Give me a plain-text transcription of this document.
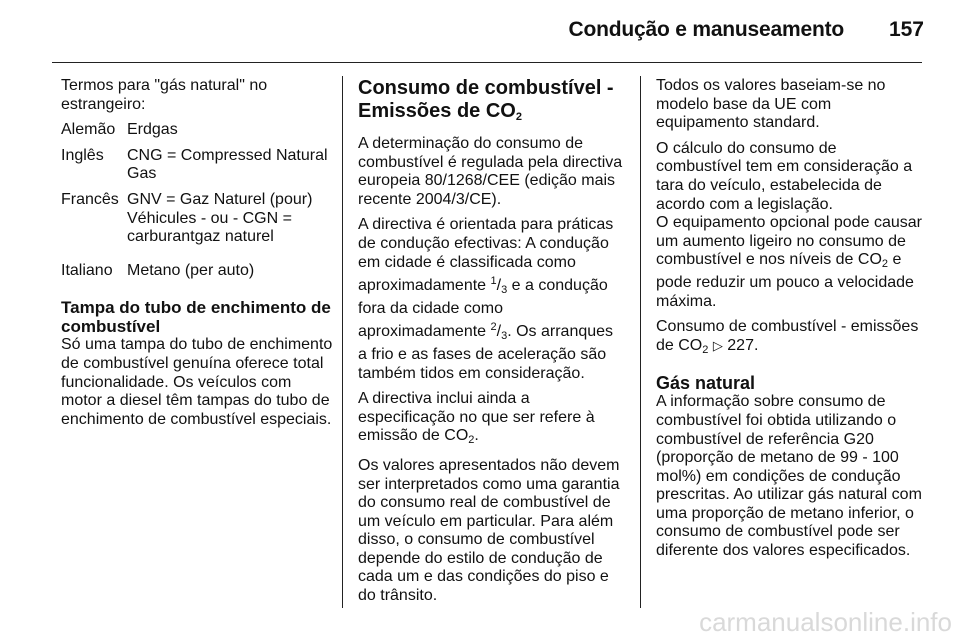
Condução e manuseamento 157

Termos para "gás natural" no estrangeiro:

Alemão Erdgas
Inglês	CNG = Compressed Natural Gas
Francês GNV = Gaz Naturel (pour) Véhicules - ou - CGN = carburantgaz naturel
Italiano Metano (per auto)
Tampa do tubo de enchimento de combustível

Só uma tampa do tubo de enchimento de combustível genuína oferece total funcionalidade. Os veículos com motor a diesel têm tampas do tubo de enchimento de combustível especiais.

Consumo de combustível - Emissões de $CO_2$

A determinação do consumo de combustível é regulada pela directiva europeia 80/1268/CEE (edição mais recente 2004/3/CE).

A directiva é orientada para práticas de condução efectivas: A condução em cidade é classificada como aproximadamente $^1/_3$ e a condução fora da cidade como aproximadamente $^2/_3$. Os arranques a frio e as fases de aceleração são também tidos em consideração.

A directiva inclui ainda a especificação no que ser refere à emissão de $CO_2$.

Os valores apresentados não devem ser interpretados como uma garantia do consumo real de combustível de um veículo em particular. Para além disso, o consumo de combustível depende do estilo de condução de cada um e das condições do piso e do trânsito.

Todos os valores baseiam-se no modelo base da UE com equipamento standard.

O cálculo do consumo de combustível tem em consideração a tara do veículo, estabelecida de acordo com a legislação.

O equipamento opcional pode causar um aumento ligeiro no consumo de combustível e nos níveis de $CO_2$ e pode reduzir um pouco a velocidade máxima.

Consumo de combustível - emissões de $CO_2$ ▷ 227.

Gás natural

A informação sobre consumo de combustível foi obtida utilizando o combustível de referência G20 (proporção de metano de 99 - 100 mol%) em condições de condução prescritas. Ao utilizar gás natural com uma proporção de metano inferior, o consumo de combustível pode ser diferente dos valores especificados.

carmanualsonline.info
